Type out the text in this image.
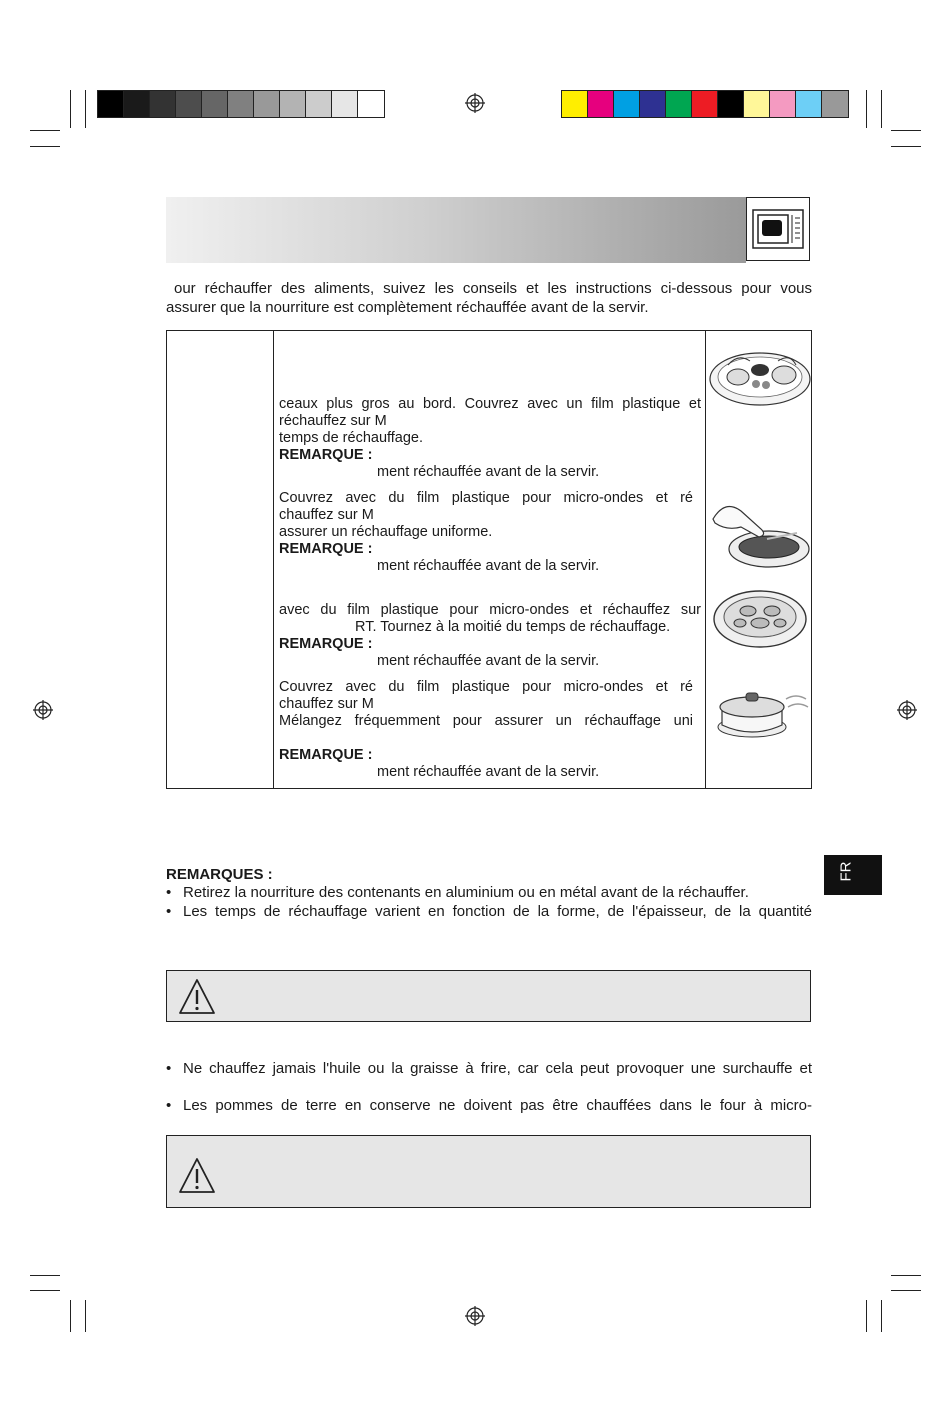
our réchauffer des aliments, suivez les conseils et les instructions ci-dessous pour vous
assurer que la nourriture est complètement réchauffée avant de la servir.
ceaux plus gros au bord. Couvrez avec un film plastique et
réchauffez sur M
temps de réchauffage.
REMARQUE :
ment réchauffée avant de la servir.
Couvrez avec du film plastique pour micro-ondes et ré
chauffez sur M
assurer un réchauffage uniforme.
REMARQUE :
ment réchauffée avant de la servir.
avec du film plastique pour micro-ondes et réchauffez sur
RT. Tournez à la moitié du temps de réchauffage.
REMARQUE :
ment réchauffée avant de la servir.
Couvrez avec du film plastique pour micro-ondes et ré
chauffez sur M
Mélangez fréquemment pour assurer un réchauffage uni

REMARQUE :
ment réchauffée avant de la servir.
FR
REMARQUES :
• Retirez la nourriture des contenants en aluminium ou en métal avant de la réchauffer.
• Les temps de réchauffage varient en fonction de la forme, de l'épaisseur, de la quantité
• Ne chauffez jamais l'huile ou la graisse à frire, car cela peut provoquer une surchauffe et
• Les pommes de terre en conserve ne doivent pas être chauffées dans le four à micro-
